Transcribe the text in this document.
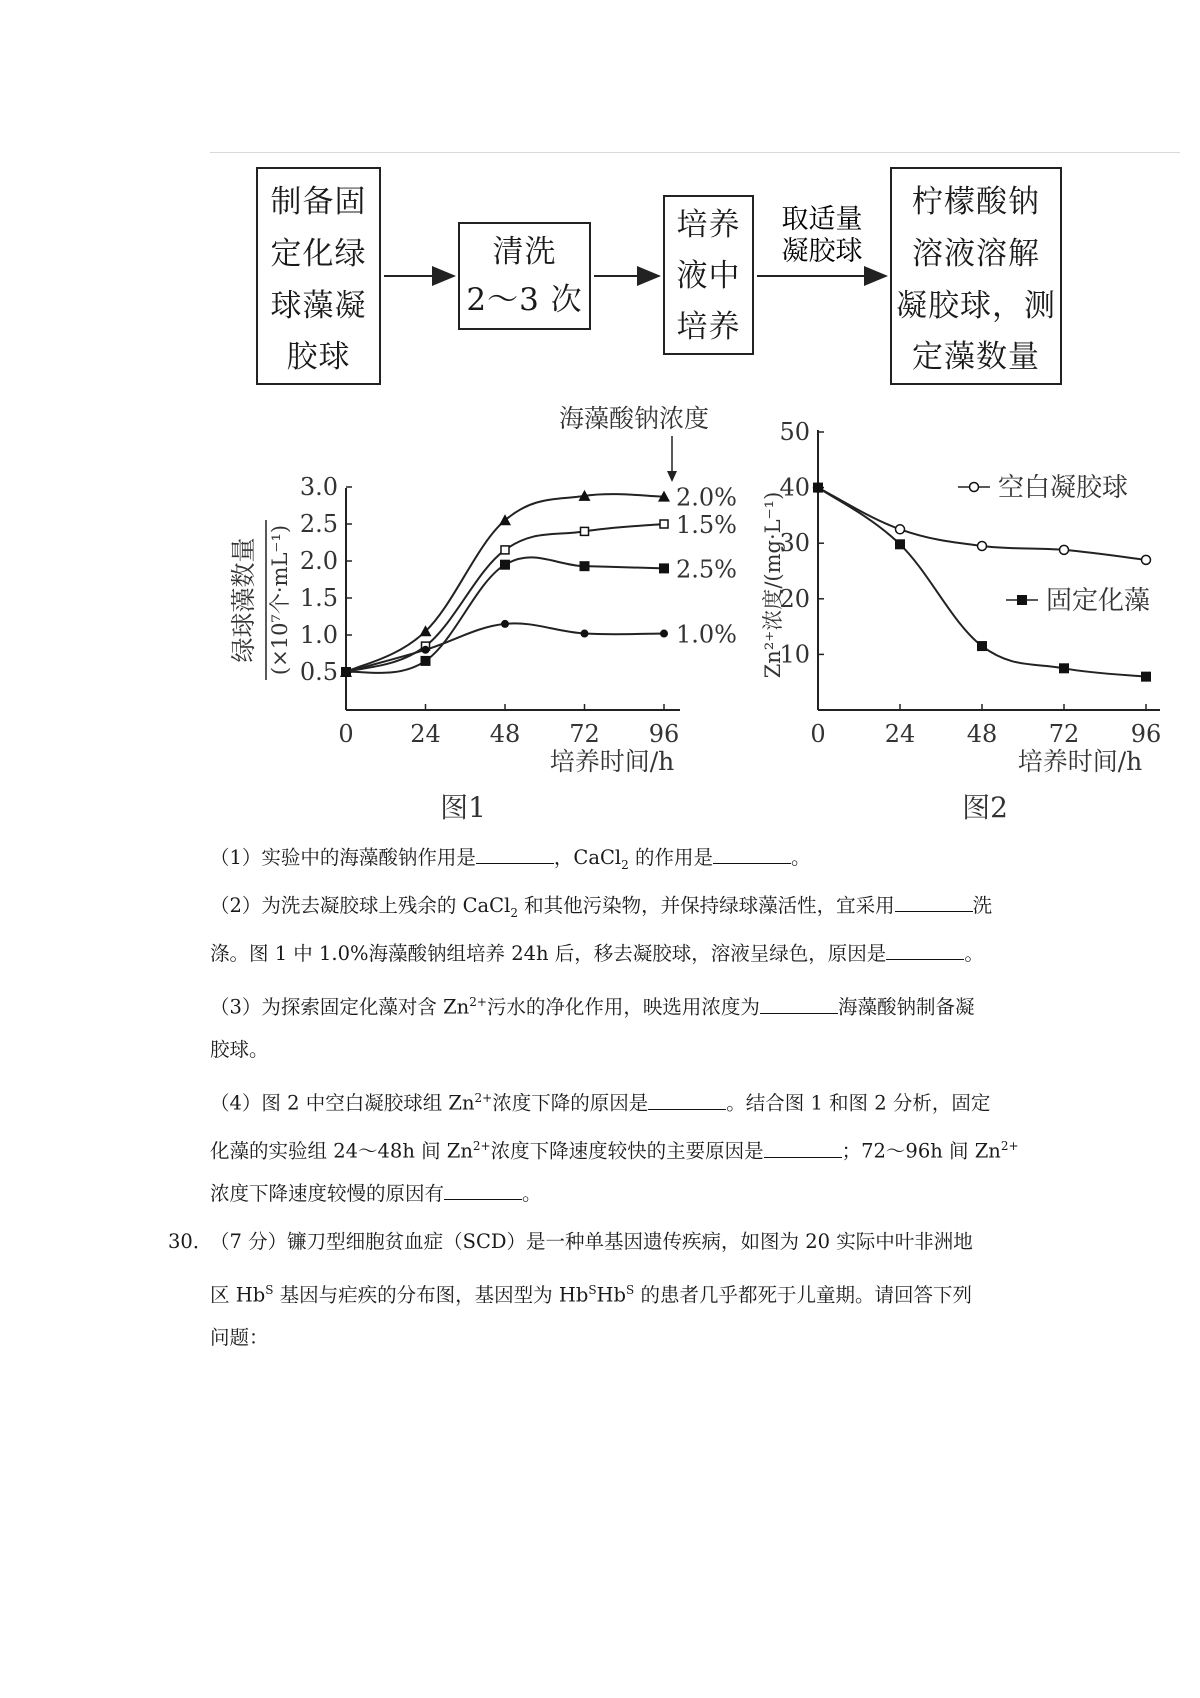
制备固
定化绿
球藻凝
胶球
清洗
2～3 次
培养
液中
培养
柠檬酸钠
溶液溶解
凝胶球，测
定藻数量
取适量
凝胶球
海藻酸钠浓度
培养时间/h
图1
绿球藻数量 (×10⁷个·mL⁻¹)
0 24 48 72 96
0.5
1.0
1.5
2.0
2.5
3.0	2.0%
1.5%
2.5%
1.0%
培养时间/h
图2
Zn²⁺浓度/(mg·L⁻¹)
0 24 48 72 96
10
20
30
40
50
空白凝胶球
固定化藻
（1）实验中的海藻酸钠作用是	，CaCl$_2$ 的作用是	。
（2）为洗去凝胶球上残余的 CaCl$_2$ 和其他污染物，并保持绿球藻活性，宜采用	洗
涤。图 1 中 1.0%海藻酸钠组培养 24h 后，移去凝胶球，溶液呈绿色，原因是	。
（3）为探索固定化藻对含 $Zn^{2+}$污水的净化作用，映选用浓度为	海藻酸钠制备凝
胶球。
（4）图 2 中空白凝胶球组 $Zn^{2+}$浓度下降的原因是	。结合图 1 和图 2 分析，固定
化藻的实验组 24～48h 间 $Zn^{2+}$浓度下降速度较快的主要原因是	；72～96h 间 $Zn^{2+}$
浓度下降速度较慢的原因有	。
30．
（7 分）镰刀型细胞贫血症（SCD）是一种单基因遗传疾病，如图为 20 实际中叶非洲地
区 $Hb^S$ 基因与疟疾的分布图，基因型为 $Hb^SHb^S$ 的患者几乎都死于儿童期。请回答下列
问题：
